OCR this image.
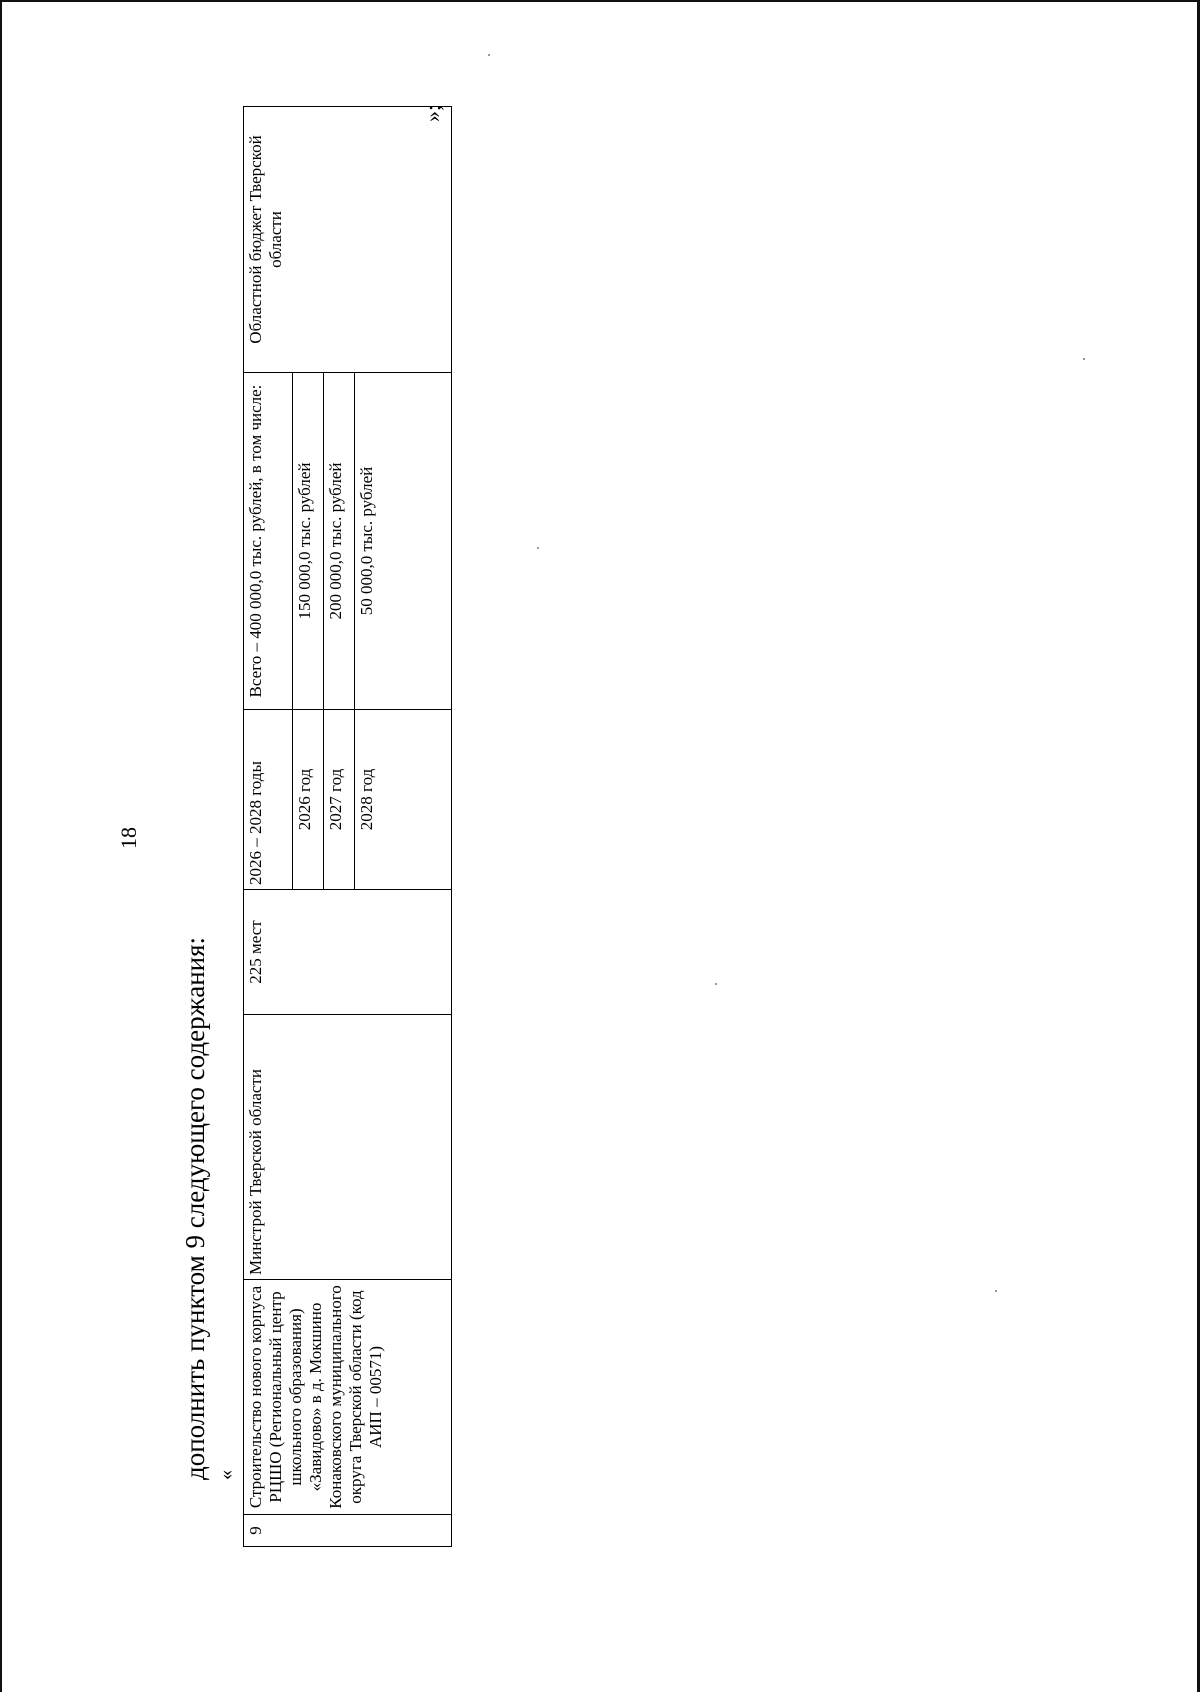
18
дополнить пунктом 9 следующего содержания: «
9	Строительство нового корпуса РЦШО (Региональный центр школьного образования) «Завидово» в д. Мокшино Конаковского муниципального округа Тверской области (код АИП – 00571)	Минстрой Тверской области	225 мест	2026 – 2028 годы	Всего – 400 000,0 тыс. рублей, в том числе:	Областной бюджет Тверской области
				2026 год	150 000,0 тыс. рублей	
				2027 год	200 000,0 тыс. рублей	
				2028 год	50 000,0 тыс. рублей	
»;
